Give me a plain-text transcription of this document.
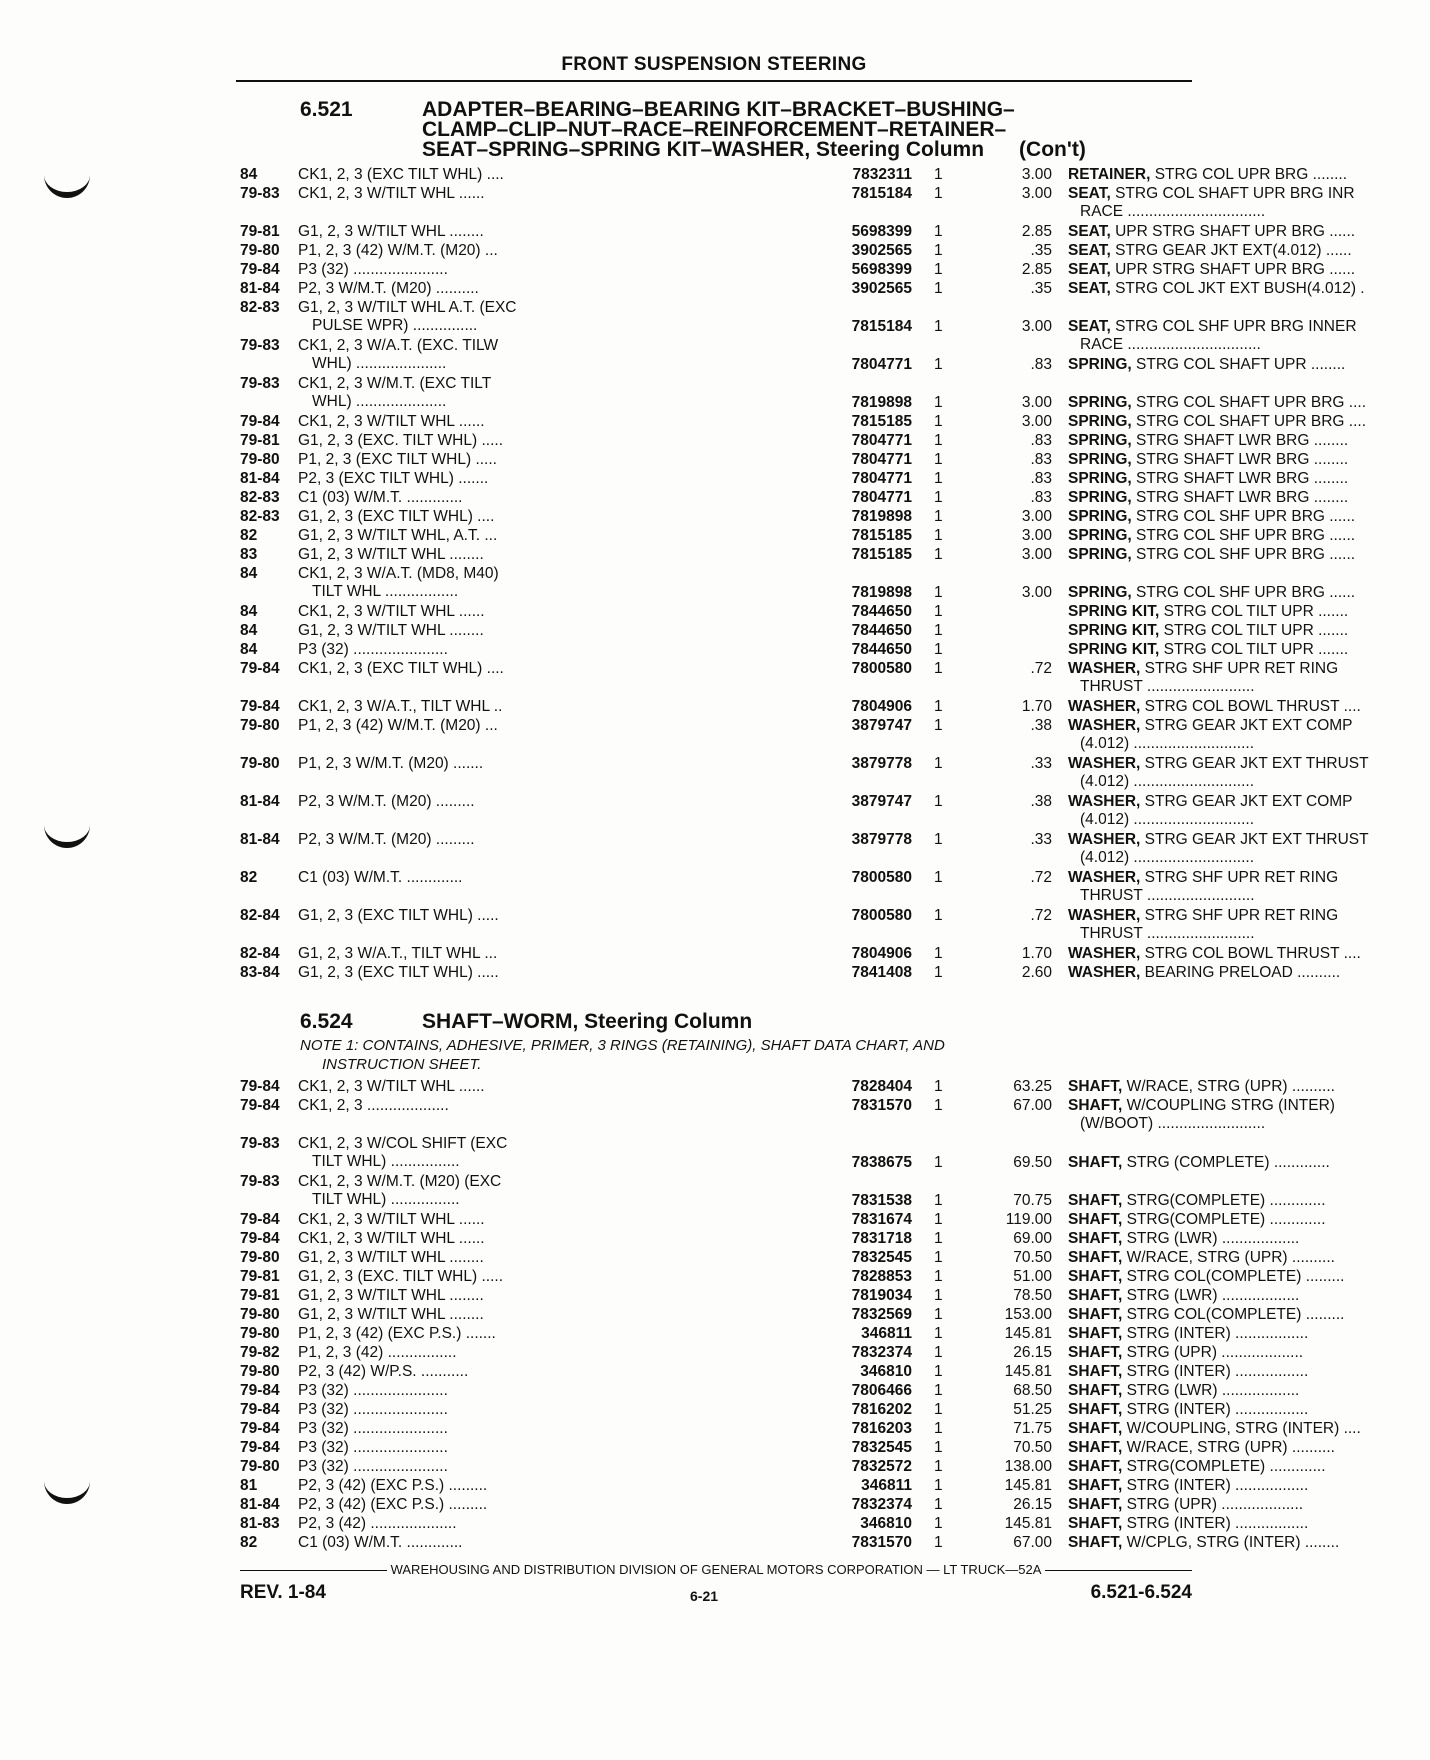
FRONT SUSPENSION STEERING
6.521	ADAPTER–BEARING–BEARING KIT–BRACKET–BUSHING–
CLAMP–CLIP–NUT–RACE–REINFORCEMENT–RETAINER–
SEAT–SPRING–SPRING KIT–WASHER, Steering Column      (Con't)
84	CK1, 2, 3 (EXC TILT WHL) ....	7832311 1	3.00 RETAINER, STRG COL UPR BRG ........
79-83	CK1, 2, 3 W/TILT WHL ......	7815184 1	3.00 SEAT, STRG COL SHAFT UPR BRG INR
RACE ................................
79-81	G1, 2, 3 W/TILT WHL ........	5698399 1	2.85 SEAT, UPR STRG SHAFT UPR BRG ......
79-80	P1, 2, 3 (42) W/M.T. (M20) ...	3902565 1	.35 SEAT, STRG GEAR JKT EXT(4.012) ......
79-84	P3 (32) ......................	5698399 1	2.85 SEAT, UPR STRG SHAFT UPR BRG ......
81-84	P2, 3 W/M.T. (M20) ..........	3902565 1	.35 SEAT, STRG COL JKT EXT BUSH(4.012) .
82-83	G1, 2, 3 W/TILT WHL A.T. (EXC
PULSE WPR) ...............	7815184 1	3.00 SEAT, STRG COL SHF UPR BRG INNER
RACE ...............................
79-83	CK1, 2, 3 W/A.T. (EXC. TILW
WHL) .....................	7804771 1	.83 SPRING, STRG COL SHAFT UPR ........
79-83	CK1, 2, 3 W/M.T. (EXC TILT
WHL) .....................	7819898 1	3.00 SPRING, STRG COL SHAFT UPR BRG ....
79-84	CK1, 2, 3 W/TILT WHL ......	7815185 1	3.00 SPRING, STRG COL SHAFT UPR BRG ....
79-81	G1, 2, 3 (EXC. TILT WHL) .....	7804771 1	.83 SPRING, STRG SHAFT LWR BRG ........
79-80	P1, 2, 3 (EXC TILT WHL) .....	7804771 1	.83 SPRING, STRG SHAFT LWR BRG ........
81-84	P2, 3 (EXC TILT WHL) .......	7804771 1	.83 SPRING, STRG SHAFT LWR BRG ........
82-83	C1 (03) W/M.T. .............	7804771 1	.83 SPRING, STRG SHAFT LWR BRG ........
82-83	G1, 2, 3 (EXC TILT WHL) ....	7819898 1	3.00 SPRING, STRG COL SHF UPR BRG ......
82	G1, 2, 3 W/TILT WHL, A.T. ...	7815185 1	3.00 SPRING, STRG COL SHF UPR BRG ......
83	G1, 2, 3 W/TILT WHL ........	7815185 1	3.00 SPRING, STRG COL SHF UPR BRG ......
84	CK1, 2, 3 W/A.T. (MD8, M40)
TILT WHL .................	7819898 1	3.00 SPRING, STRG COL SHF UPR BRG ......
84	CK1, 2, 3 W/TILT WHL ......	7844650 1	SPRING KIT, STRG COL TILT UPR .......
84	G1, 2, 3 W/TILT WHL ........	7844650 1	SPRING KIT, STRG COL TILT UPR .......
84	P3 (32) ......................	7844650 1	SPRING KIT, STRG COL TILT UPR .......
79-84	CK1, 2, 3 (EXC TILT WHL) ....	7800580 1	.72 WASHER, STRG SHF UPR RET RING
THRUST .........................
79-84	CK1, 2, 3 W/A.T., TILT WHL ..	7804906 1	1.70 WASHER, STRG COL BOWL THRUST ....
79-80	P1, 2, 3 (42) W/M.T. (M20) ...	3879747 1	.38 WASHER, STRG GEAR JKT EXT COMP
(4.012) ............................
79-80	P1, 2, 3 W/M.T. (M20) .......	3879778 1	.33 WASHER, STRG GEAR JKT EXT THRUST
(4.012) ............................
81-84	P2, 3 W/M.T. (M20) .........	3879747 1	.38 WASHER, STRG GEAR JKT EXT COMP
(4.012) ............................
81-84	P2, 3 W/M.T. (M20) .........	3879778 1	.33 WASHER, STRG GEAR JKT EXT THRUST
(4.012) ............................
82	C1 (03) W/M.T. .............	7800580 1	.72 WASHER, STRG SHF UPR RET RING
THRUST .........................
82-84	G1, 2, 3 (EXC TILT WHL) .....	7800580 1	.72 WASHER, STRG SHF UPR RET RING
THRUST .........................
82-84	G1, 2, 3 W/A.T., TILT WHL ...	7804906 1	1.70 WASHER, STRG COL BOWL THRUST ....
83-84	G1, 2, 3 (EXC TILT WHL) .....	7841408 1	2.60 WASHER, BEARING PRELOAD ..........
6.524	SHAFT–WORM, Steering Column
NOTE 1: CONTAINS, ADHESIVE, PRIMER, 3 RINGS (RETAINING), SHAFT DATA CHART, AND
INSTRUCTION SHEET.
79-84	CK1, 2, 3 W/TILT WHL ......	7828404 1	63.25 SHAFT, W/RACE, STRG (UPR) ..........
79-84	CK1, 2, 3 ...................	7831570 1	67.00 SHAFT, W/COUPLING STRG (INTER)
(W/BOOT) .........................
79-83	CK1, 2, 3 W/COL SHIFT (EXC
TILT WHL) ................	7838675 1	69.50 SHAFT, STRG (COMPLETE) .............
79-83	CK1, 2, 3 W/M.T. (M20) (EXC
TILT WHL) ................	7831538 1	70.75 SHAFT, STRG(COMPLETE) .............
79-84	CK1, 2, 3 W/TILT WHL ......	7831674 1	119.00 SHAFT, STRG(COMPLETE) .............
79-84	CK1, 2, 3 W/TILT WHL ......	7831718 1	69.00 SHAFT, STRG (LWR) ..................
79-80	G1, 2, 3 W/TILT WHL ........	7832545 1	70.50 SHAFT, W/RACE, STRG (UPR) ..........
79-81	G1, 2, 3 (EXC. TILT WHL) .....	7828853 1	51.00 SHAFT, STRG COL(COMPLETE) .........
79-81	G1, 2, 3 W/TILT WHL ........	7819034 1	78.50 SHAFT, STRG (LWR) ..................
79-80	G1, 2, 3 W/TILT WHL ........	7832569 1	153.00 SHAFT, STRG COL(COMPLETE) .........
79-80	P1, 2, 3 (42) (EXC P.S.) .......	346811 1	145.81 SHAFT, STRG (INTER) .................
79-82	P1, 2, 3 (42) ................	7832374 1	26.15 SHAFT, STRG (UPR) ...................
79-80	P2, 3 (42) W/P.S. ...........	346810 1	145.81 SHAFT, STRG (INTER) .................
79-84	P3 (32) ......................	7806466 1	68.50 SHAFT, STRG (LWR) ..................
79-84	P3 (32) ......................	7816202 1	51.25 SHAFT, STRG (INTER) .................
79-84	P3 (32) ......................	7816203 1	71.75 SHAFT, W/COUPLING, STRG (INTER) ....
79-84	P3 (32) ......................	7832545 1	70.50 SHAFT, W/RACE, STRG (UPR) ..........
79-80	P3 (32) ......................	7832572 1	138.00 SHAFT, STRG(COMPLETE) .............
81	P2, 3 (42) (EXC P.S.) .........	346811 1	145.81 SHAFT, STRG (INTER) .................
81-84	P2, 3 (42) (EXC P.S.) .........	7832374 1	26.15 SHAFT, STRG (UPR) ...................
81-83	P2, 3 (42) ....................	346810 1	145.81 SHAFT, STRG (INTER) .................
82	C1 (03) W/M.T. .............	7831570 1	67.00 SHAFT, W/CPLG, STRG (INTER) ........
WAREHOUSING AND DISTRIBUTION DIVISION OF GENERAL MOTORS CORPORATION — LT TRUCK—52A
REV. 1-84	6-21	6.521-6.524
